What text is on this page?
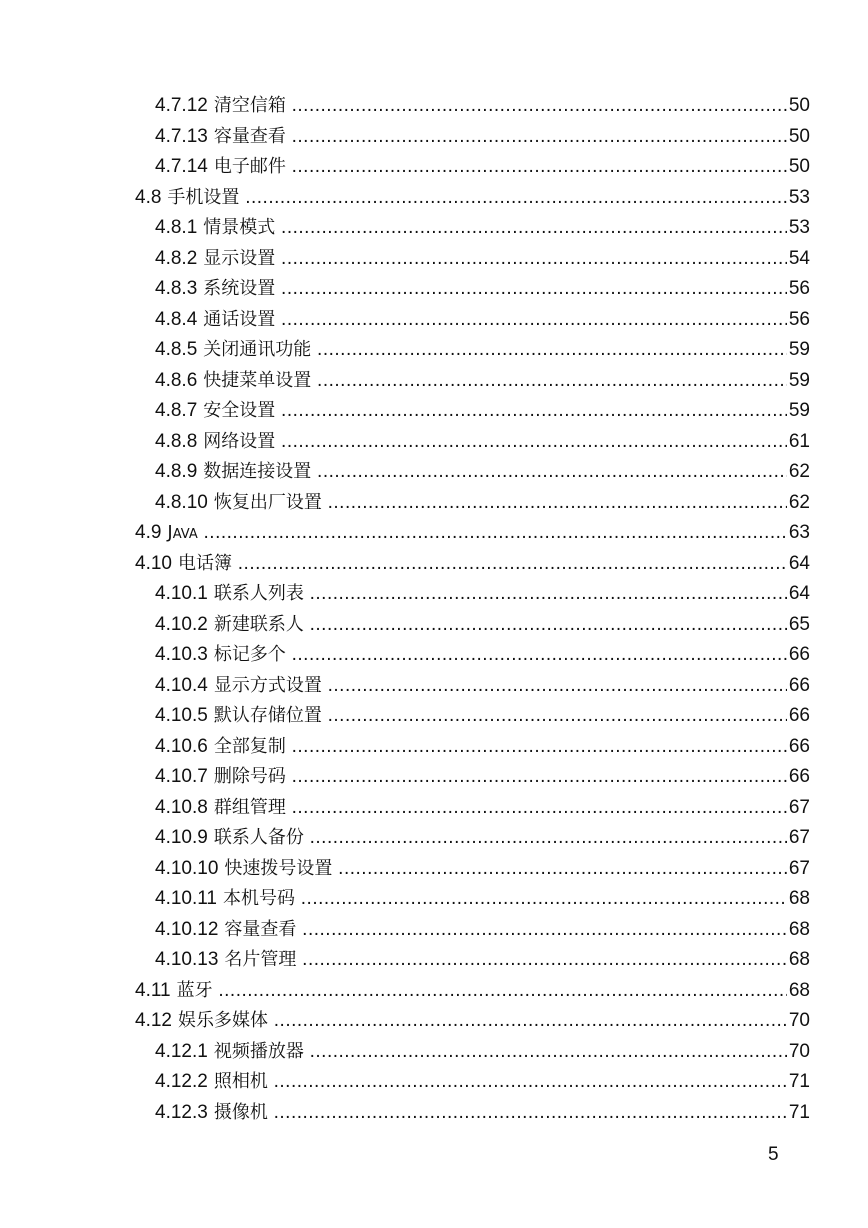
4.7.12 清空信箱 .....	50
4.7.13 容量查看 .....	50
4.7.14 电子邮件 .....	50
4.8 手机设置 .....	53
4.8.1 情景模式 .....	53
4.8.2 显示设置 .....	54
4.8.3 系统设置 .....	56
4.8.4 通话设置 .....	56
4.8.5 关闭通讯功能 .....	59
4.8.6 快捷菜单设置 .....	59
4.8.7 安全设置 .....	59
4.8.8 网络设置 .....	61
4.8.9 数据连接设置 .....	62
4.8.10 恢复出厂设置 .....	62
4.9 Java .....	63
4.10 电话簿 .....	64
4.10.1 联系人列表 .....	64
4.10.2 新建联系人 .....	65
4.10.3 标记多个 .....	66
4.10.4 显示方式设置 .....	66
4.10.5 默认存储位置 .....	66
4.10.6 全部复制 .....	66
4.10.7 删除号码 .....	66
4.10.8 群组管理 .....	67
4.10.9 联系人备份 .....	67
4.10.10 快速拨号设置 .....	67
4.10.11 本机号码 .....	68
4.10.12 容量查看 .....	68
4.10.13 名片管理 .....	68
4.11 蓝牙 .....	68
4.12 娱乐多媒体 .....	70
4.12.1 视频播放器 .....	70
4.12.2 照相机 .....	71
4.12.3 摄像机 .....	71
5
